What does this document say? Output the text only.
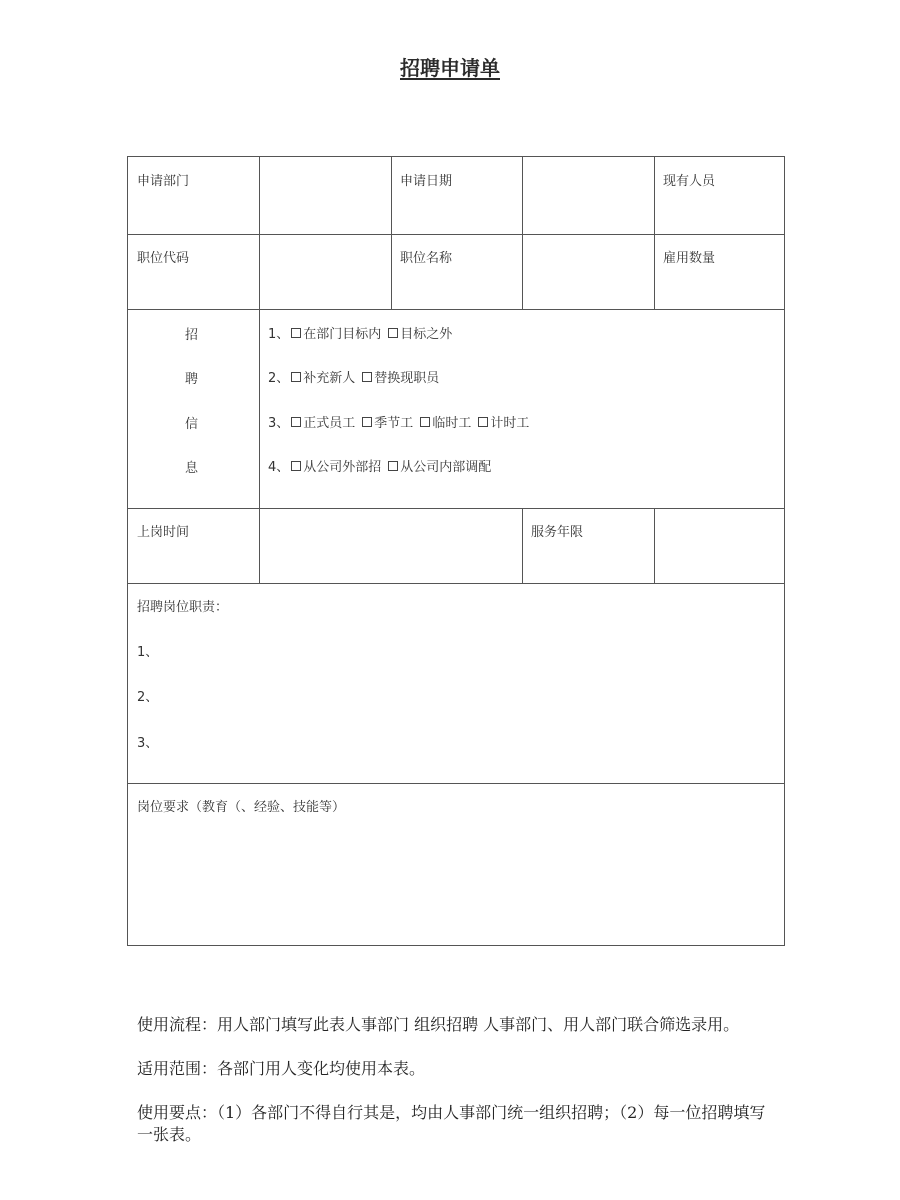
招聘申请单
申请部门	申请日期	现有人员
职位代码	职位名称	雇用数量
招
聘
信
息
1、 在部门目标内 目标之外
2、 补充新人 替换现职员
3、 正式员工 季节工 临时工 计时工
4、 从公司外部招 从公司内部调配
上岗时间	服务年限
招聘岗位职责：
1、
2、
3、
岗位要求（教育（、经验、技能等）
使用流程：用人部门填写此表人事部门 组织招聘 人事部门、用人部门联合筛选录用。
适用范围：各部门用人变化均使用本表。
使用要点：（1）各部门不得自行其是，均由人事部门统一组织招聘；（2）每一位招聘填写一张表。
